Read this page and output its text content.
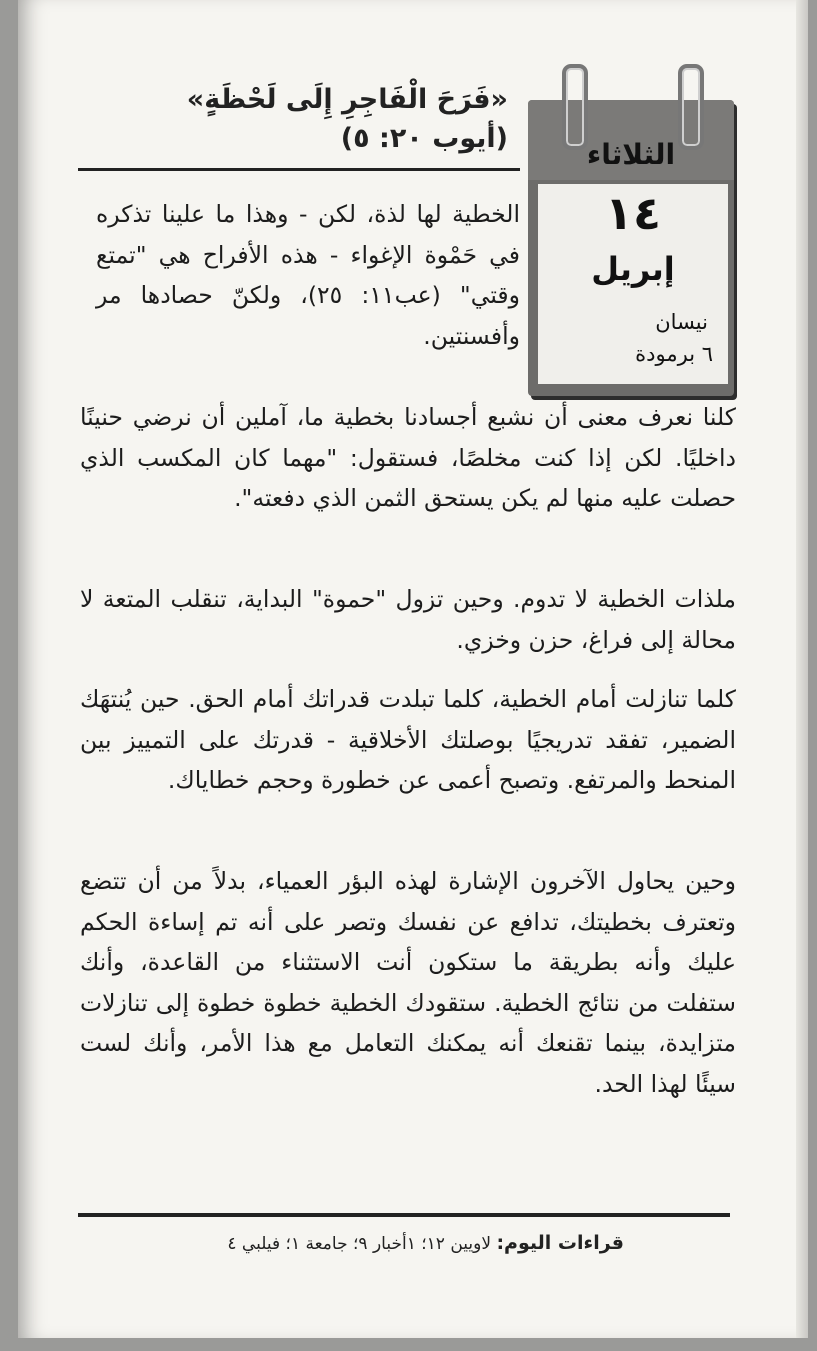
«فَرَحَ الْفَاجِرِ إِلَى لَحْظَةٍ»
(أيوب ٢٠: ٥)	الثلاثاء
١٤
إبريل
نيسان
٦ برمودة

الخطية لها لذة، لكن - وهذا ما علينا تذكره في حَمْوة الإغواء - هذه الأفراح هي "تمتع وقتي" (عب١١: ٢٥)، ولكنّ حصادها مر وأفسنتين.

كلنا نعرف معنى أن نشبع أجسادنا بخطية ما، آملين أن نرضي حنينًا داخليًا. لكن إذا كنت مخلصًا، فستقول: "مهما كان المكسب الذي حصلت عليه منها لم يكن يستحق الثمن الذي دفعته".

ملذات الخطية لا تدوم. وحين تزول "حموة" البداية، تنقلب المتعة لا محالة إلى فراغ، حزن وخزي.

كلما تنازلت أمام الخطية، كلما تبلدت قدراتك أمام الحق. حين يُنتهَك الضمير، تفقد تدريجيًا بوصلتك الأخلاقية - قدرتك على التمييز بين المنحط والمرتفع. وتصبح أعمى عن خطورة وحجم خطاياك.

وحين يحاول الآخرون الإشارة لهذه البؤر العمياء، بدلاً من أن تتضع وتعترف بخطيتك، تدافع عن نفسك وتصر على أنه تم إساءة الحكم عليك وأنه بطريقة ما ستكون أنت الاستثناء من القاعدة، وأنك ستفلت من نتائج الخطية. ستقودك الخطية خطوة خطوة إلى تنازلات متزايدة، بينما تقنعك أنه يمكنك التعامل مع هذا الأمر، وأنك لست سيئًا لهذا الحد.

قراءات اليوم: لاويين ١٢؛ ١أخبار ٩؛ جامعة ١؛ فيلبي ٤
